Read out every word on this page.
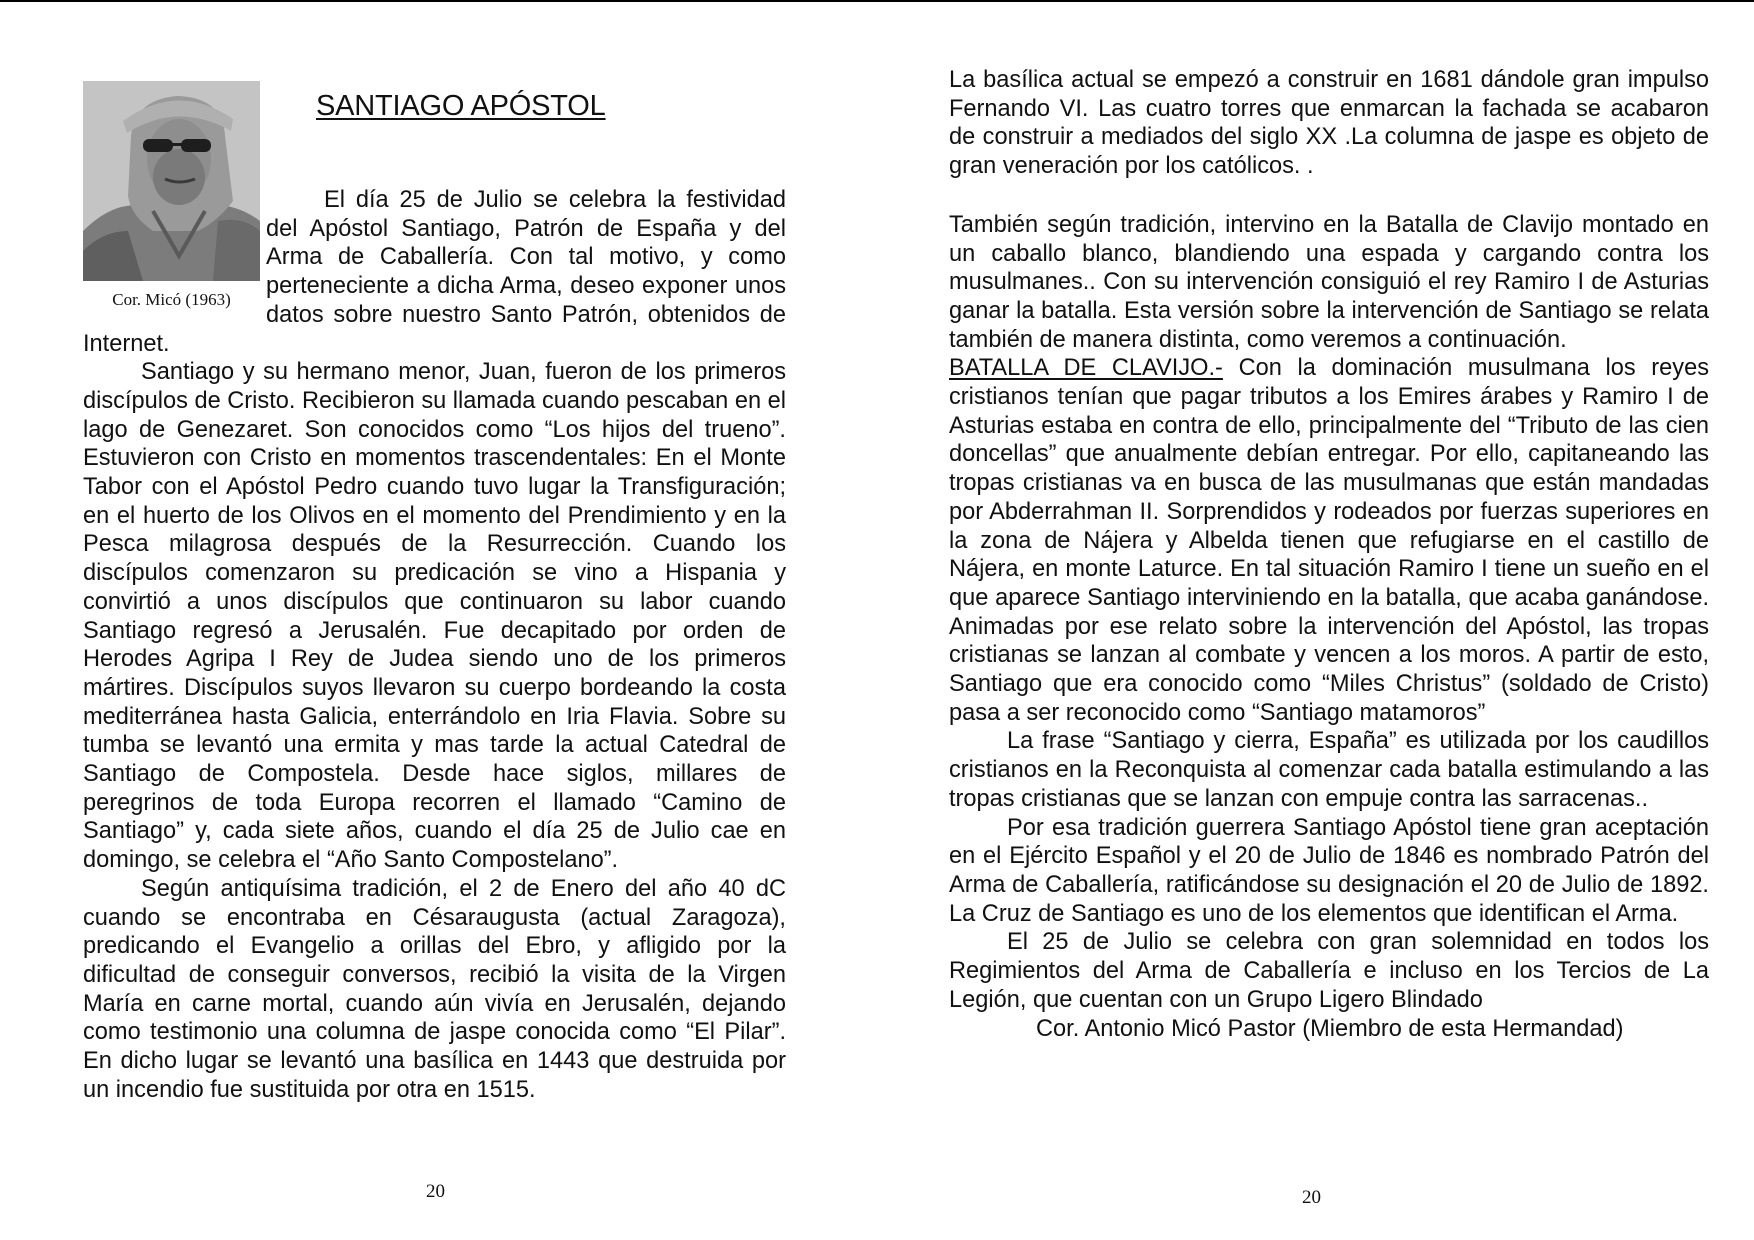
SANTIAGO APÓSTOL
Cor. Micó (1963)

El día 25 de Julio se celebra la festividad del Apóstol Santiago, Patrón de España y del Arma de Caballería. Con tal motivo, y como perteneciente a dicha Arma, deseo exponer unos datos sobre nuestro Santo Patrón, obtenidos de Internet.

Santiago y su hermano menor, Juan, fueron de los primeros discípulos de Cristo. Recibieron su llamada cuando pescaban en el lago de Genezaret. Son conocidos como “Los hijos del trueno”. Estuvieron con Cristo en momentos trascendentales: En el Monte Tabor con el Apóstol Pedro cuando tuvo lugar la Transfiguración; en el huerto de los Olivos en el momento del Prendimiento y en la Pesca milagrosa después de la Resurrección. Cuando los discípulos comenzaron su predicación se vino a Hispania y convirtió a unos discípulos que continuaron su labor cuando Santiago regresó a Jerusalén. Fue decapitado por orden de Herodes Agripa I Rey de Judea siendo uno de los primeros mártires. Discípulos suyos llevaron su cuerpo bordeando la costa mediterránea hasta Galicia, enterrándolo en Iria Flavia. Sobre su tumba se levantó una ermita y mas tarde la actual Catedral de Santiago de Compostela. Desde hace siglos, millares de peregrinos de toda Europa recorren el llamado “Camino de Santiago” y, cada siete años, cuando el día 25 de Julio cae en domingo, se celebra el “Año Santo Compostelano”.

Según antiquísima tradición, el 2 de Enero del año 40 dC cuando se encontraba en Césaraugusta (actual Zaragoza), predicando el Evangelio a orillas del Ebro, y afligido por la dificultad de conseguir conversos, recibió la visita de la Virgen María en carne mortal, cuando aún vivía en Jerusalén, dejando como testimonio una columna de jaspe conocida como “El Pilar”. En dicho lugar se levantó una basílica en 1443 que destruida por un incendio fue sustituida por otra en 1515.

20

La basílica actual se empezó a construir en 1681 dándole gran impulso Fernando VI. Las cuatro torres que enmarcan la fachada se acabaron de construir a mediados del siglo XX .La columna de jaspe es objeto de gran veneración por los católicos. .

También según tradición, intervino en la Batalla de Clavijo montado en un caballo blanco, blandiendo una espada y cargando contra los musulmanes.. Con su intervención consiguió el rey Ramiro I de Asturias ganar la batalla. Esta versión sobre la intervención de Santiago se relata también de manera distinta, como veremos a continuación.

BATALLA DE CLAVIJO.- Con la dominación musulmana los reyes cristianos tenían que pagar tributos a los Emires árabes y Ramiro I de Asturias estaba en contra de ello, principalmente del “Tributo de las cien doncellas” que anualmente debían entregar. Por ello, capitaneando las tropas cristianas va en busca de las musulmanas que están mandadas por Abderrahman II. Sorprendidos y rodeados por fuerzas superiores en la zona de Nájera y Albelda tienen que refugiarse en el castillo de Nájera, en monte Laturce. En tal situación Ramiro I tiene un sueño en el que aparece Santiago interviniendo en la batalla, que acaba ganándose. Animadas por ese relato sobre la intervención del Apóstol, las tropas cristianas se lanzan al combate y vencen a los moros. A partir de esto, Santiago que era conocido como “Miles Christus” (soldado de Cristo) pasa a ser reconocido como “Santiago matamoros”

La frase “Santiago y cierra, España” es utilizada por los caudillos cristianos en la Reconquista al comenzar cada batalla estimulando a las tropas cristianas que se lanzan con empuje contra las sarracenas..

Por esa tradición guerrera Santiago Apóstol tiene gran aceptación en el Ejército Español y el 20 de Julio de 1846 es nombrado Patrón del Arma de Caballería, ratificándose su designación el 20 de Julio de 1892. La Cruz de Santiago es uno de los elementos que identifican el Arma.

El 25 de Julio se celebra con gran solemnidad en todos los Regimientos del Arma de Caballería e incluso en los Tercios de La Legión, que cuentan con un Grupo Ligero Blindado

Cor. Antonio Micó Pastor (Miembro de esta Hermandad)

20
